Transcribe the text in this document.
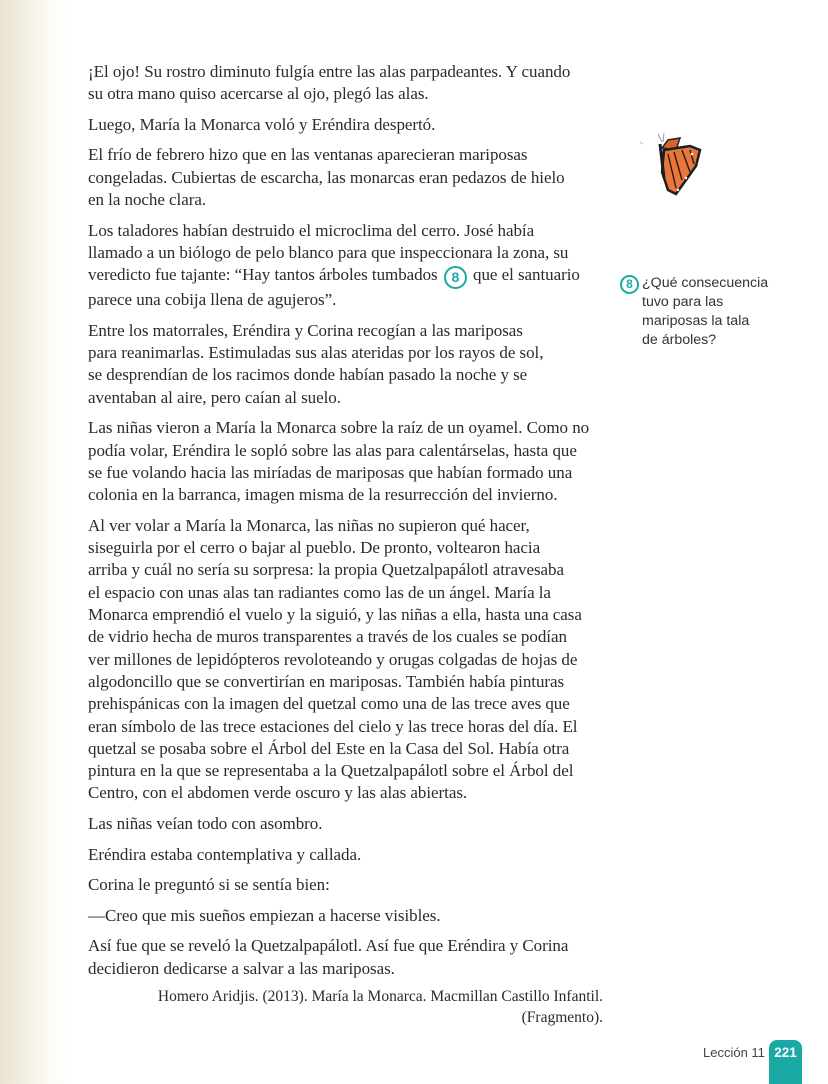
¡El ojo! Su rostro diminuto fulgía entre las alas parpadeantes. Y cuando
su otra mano quiso acercarse al ojo, plegó las alas.

Luego, María la Monarca voló y Eréndira despertó.

El frío de febrero hizo que en las ventanas aparecieran mariposas
congeladas. Cubiertas de escarcha, las monarcas eran pedazos de hielo
en la noche clara.

Los taladores habían destruido el microclima del cerro. José había
llamado a un biólogo de pelo blanco para que inspeccionara la zona, su
veredicto fue tajante: “Hay tantos árboles tumbados 8 que el santuario
parece una cobija llena de agujeros”.

Entre los matorrales, Eréndira y Corina recogían a las mariposas
para reanimarlas. Estimuladas sus alas ateridas por los rayos de sol,
se desprendían de los racimos donde habían pasado la noche y se
aventaban al aire, pero caían al suelo.

Las niñas vieron a María la Monarca sobre la raíz de un oyamel. Como no
podía volar, Eréndira le sopló sobre las alas para calentárselas, hasta que
se fue volando hacia las miríadas de mariposas que habían formado una
colonia en la barranca, imagen misma de la resurrección del invierno.

Al ver volar a María la Monarca, las niñas no supieron qué hacer,
siseguirla por el cerro o bajar al pueblo. De pronto, voltearon hacia
arriba y cuál no sería su sorpresa: la propia Quetzalpapálotl atravesaba
el espacio con unas alas tan radiantes como las de un ángel. María la
Monarca emprendió el vuelo y la siguió, y las niñas a ella, hasta una casa
de vidrio hecha de muros transparentes a través de los cuales se podían
ver millones de lepidópteros revoloteando y orugas colgadas de hojas de
algodoncillo que se convertirían en mariposas. También había pinturas
prehispánicas con la imagen del quetzal como una de las trece aves que
eran símbolo de las trece estaciones del cielo y las trece horas del día. El
quetzal se posaba sobre el Árbol del Este en la Casa del Sol. Había otra
pintura en la que se representaba a la Quetzalpapálotl sobre el Árbol del
Centro, con el abdomen verde oscuro y las alas abiertas.

Las niñas veían todo con asombro.

Eréndira estaba contemplativa y callada.

Corina le preguntó si se sentía bien:

—Creo que mis sueños empiezan a hacerse visibles.

Así fue que se reveló la Quetzalpapálotl. Así fue que Eréndira y Corina
decidieron dedicarse a salvar a las mariposas.

Homero Aridjis. (2013). María la Monarca. Macmillan Castillo Infantil.
(Fragmento).
8 ¿Qué consecuencia
tuvo para las
mariposas la tala
de árboles?
Lección 11 221
